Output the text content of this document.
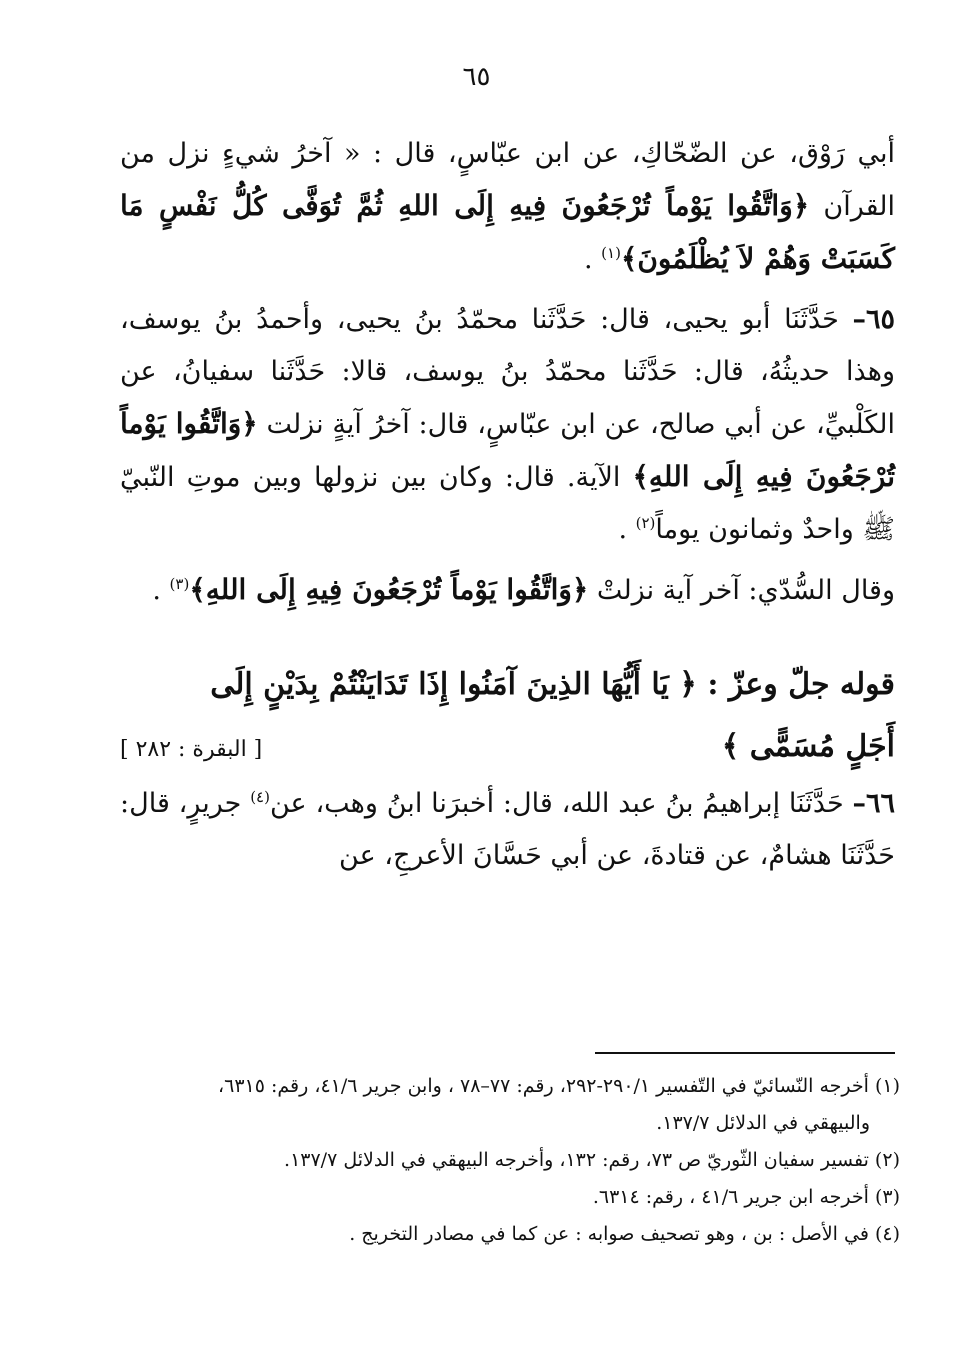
٦٥

أبي رَوْق، عن الضّحّاكِ، عن ابن عبّاسٍ، قال : « آخرُ شيءٍ نزل من القرآن ﴿وَاتَّقُوا يَوْماً تُرْجَعُونَ فِيهِ إِلَى اللهِ ثُمَّ تُوَفَّى كُلُّ نَفْسٍ مَا كَسَبَتْ وَهُمْ لاَ يُظْلَمُونَ﴾$^{(١)}$ .

٦٥– حَدَّثَنَا أبو يحيى، قال: حَدَّثَنا محمّدُ بنُ يحيى، وأحمدُ بنُ يوسف، وهذا حديثُهُ، قال: حَدَّثَنا محمّدُ بنُ يوسف، قالا: حَدَّثَنا سفيانُ، عن الكَلْبيِّ، عن أبي صالح، عن ابن عبّاسٍ، قال: آخرُ آيةٍ نزلت ﴿وَاتَّقُوا يَوْماً تُرْجَعُونَ فِيهِ إِلَى اللهِ﴾ الآية. قال: وكان بين نزولها وبين موتِ النّبيّ ﷺ واحدٌ وثمانون يوماً$^{(٢)}$ .

وقال السُّدّي: آخر آية نزلتْ ﴿وَاتَّقُوا يَوْماً تُرْجَعُونَ فِيهِ إِلَى اللهِ﴾$^{(٣)}$ .

قوله جلّ وعزّ : ﴿ يَا أَيُّهَا الذِينَ آمَنُوا إِذَا تَدَايَنْتُمْ بِدَيْنٍ إِلَى
أَجَلٍ مُسَمًّى ﴾
[ البقرة : ٢٨٢ ]

٦٦– حَدَّثَنَا إبراهيمُ بنُ عبد الله، قال: أخبرَنا ابنُ وهب، عن$^{(٤)}$ جريرٍ، قال: حَدَّثَنَا هشامٌ، عن قتادةَ، عن أبي حَسَّانَ الأعرجِ، عن

(١) أخرجه النّسائيّ في التّفسير ٢٩٠/١-٢٩٢، رقم: ٧٧–٧٨ ، وابن جرير ٤١/٦، رقم: ٦٣١٥،

والبيهقي في الدلائل ١٣٧/٧.

(٢) تفسير سفيان الثّوريّ ص ٧٣، رقم: ١٣٢، وأخرجه البيهقي في الدلائل ١٣٧/٧.

(٣) أخرجه ابن جرير ٤١/٦ ، رقم: ٦٣١٤.

(٤) في الأصل : بن ، وهو تصحيف صوابه : عن كما في مصادر التخريج .
